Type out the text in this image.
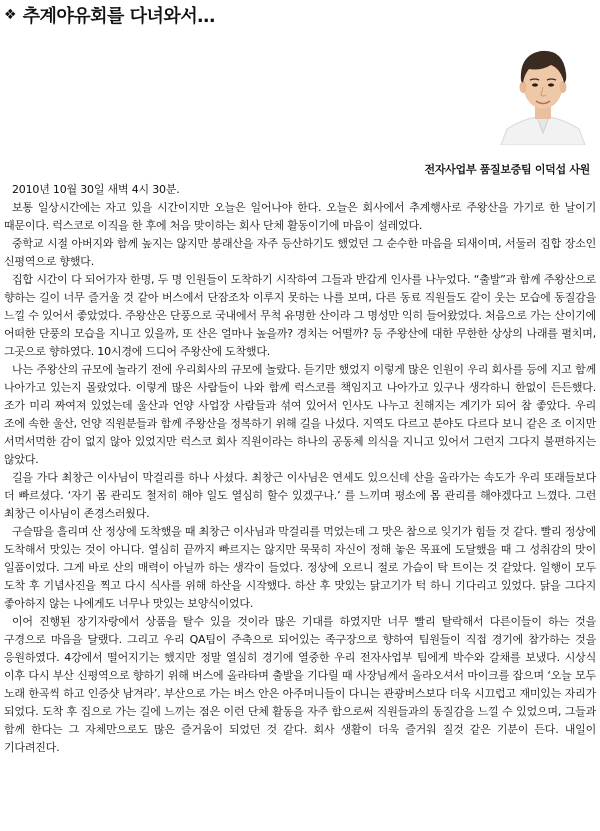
❖ 추계야유회를 다녀와서…
전자사업부 품질보증팀 이덕섭 사원

2010년 10월 30일 새벽 4시 30분.

보통 일상시간에는 자고 있을 시간이지만 오늘은 일어나야 한다. 오늘은 회사에서 추계행사로 주왕산을 가기로 한 날이기 때문이다. 럭스코로 이직을 한 후에 처음 맞이하는 회사 단체 활동이기에 마음이 설레었다.

중학교 시절 아버지와 함께 높지는 않지만 봉래산을 자주 등산하기도 했었던 그 순수한 마음을 되새이며, 서둘러 집합 장소인 신평역으로 향했다.

집합 시간이 다 되어가자 한명, 두 명 인원들이 도착하기 시작하여 그들과 반갑게 인사를 나누었다. “출발”과 함께 주왕산으로 향하는 길이 너무 즐거울 것 같아 버스에서 단잠조차 이루지 못하는 나를 보며, 다른 동료 직원들도 같이 웃는 모습에 동질감을 느낄 수 있어서 좋았었다. 주왕산은 단풍으로 국내에서 무척 유명한 산이라 그 명성만 익히 들어왔었다. 처음으로 가는 산이기에 어떠한 단풍의 모습을 지니고 있을까, 또 산은 얼마나 높을까? 경치는 어떨까? 등 주왕산에 대한 무한한 상상의 나래를 펼치며, 그곳으로 향하였다. 10시경에 드디어 주왕산에 도착했다.

나는 주왕산의 규모에 놀라기 전에 우리회사의 규모에 놀랐다. 듣기만 했었지 이렇게 많은 인원이 우리 회사를 등에 지고 함께 나아가고 있는지 몰랐었다. 이렇게 많은 사람들이 나와 함께 럭스코를 책임지고 나아가고 있구나 생각하니 한없이 든든했다. 조가 미리 짜여져 있었는데 울산과 언양 사업장 사람들과 섞여 있어서 인사도 나누고 친해지는 계기가 되어 참 좋았다. 우리 조에 속한 울산, 언양 직원분들과 함께 주왕산을 정복하기 위해 길을 나섰다. 지역도 다르고 분야도 다르다 보니 같은 조 이지만 서먹서먹한 감이 없지 않아 있었지만 럭스코 회사 직원이라는 하나의 공동체 의식을 지니고 있어서 그런지 그다지 불편하지는 않았다.

길을 가다 최창근 이사님이 막걸리를 하나 사셨다. 최창근 이사님은 연세도 있으신데 산을 올라가는 속도가 우리 또래들보다 더 빠르셨다. ‘자기 몸 관리도 철저히 해야 일도 열심히 할수 있겠구나.’ 를 느끼며 평소에 몸 관리를 해야겠다고 느꼈다. 그런 최창근 이사님이 존경스러웠다.

구슬땀을 흘리며 산 정상에 도착했을 때 최창근 이사님과 막걸리를 먹었는데 그 맛은 참으로 잊기가 힘들 것 같다. 빨리 정상에 도착해서 맛있는 것이 아니다. 열심히 끝까지 빠르지는 않지만 묵묵히 자신이 정해 놓은 목표에 도달했을 때 그 성취감의 맛이 일품이었다. 그게 바로 산의 매력이 아닐까 하는 생각이 들었다. 정상에 오르니 절로 가슴이 탁 트이는 것 같았다. 일행이 모두 도착 후 기념사진을 찍고 다시 식사를 위해 하산을 시작했다. 하산 후 맛있는 닭고기가 턱 하니 기다리고 있었다. 닭을 그다지 좋아하지 않는 나에게도 너무나 맛있는 보양식이었다.

이어 진행된 장기자랑에서 상품을 탈수 있을 것이라 많은 기대를 하였지만 너무 빨리 탈락해서 다른이들이 하는 것을 구경으로 마음을 달랬다. 그리고 우리 QA팀이 주축으로 되어있는 족구장으로 향하여 팀원들이 직접 경기에 참가하는 것을 응원하였다. 4강에서 떨어지기는 했지만 정말 열심히 경기에 열중한 우리 전자사업부 팀에게 박수와 갈채를 보냈다. 시상식 이후 다시 부산 신평역으로 향하기 위해 버스에 올라타며 출발을 기다릴 때 사장님께서 올라오셔서 마이크를 잡으며 ‘오늘 모두 노래 한곡씩 하고 인증샷 남겨라’. 부산으로 가는 버스 안은 아주머니들이 다니는 관광버스보다 더욱 시끄럽고 재미있는 자리가 되었다. 도착 후 집으로 가는 길에 느끼는 점은 이런 단체 활동을 자주 함으로써 직원들과의 동질감을 느낄 수 있었으며, 그들과 함께 한다는 그 자체만으로도 많은 즐거움이 되었던 것 같다. 회사 생활이 더욱 즐거워 질것 같은 기분이 든다. 내일이 기다려진다.
